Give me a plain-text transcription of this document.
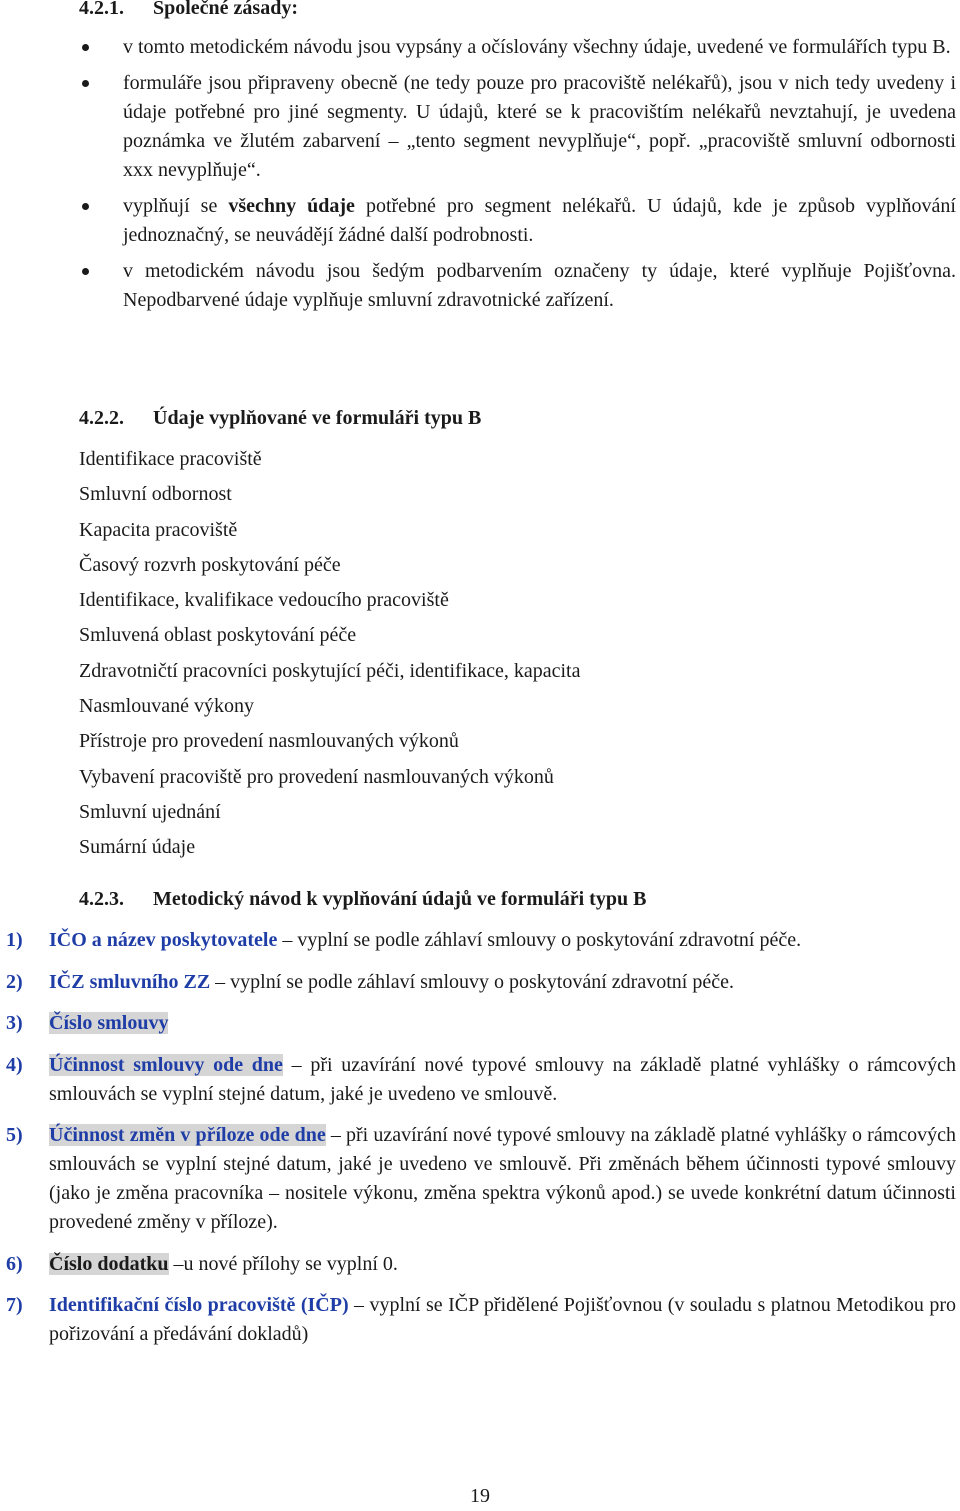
4.2.1. Společné zásady:
v tomto metodickém návodu jsou vypsány a očíslovány všechny údaje, uvedené ve formulářích typu B.
formuláře jsou připraveny obecně (ne tedy pouze pro pracoviště nelékařů), jsou v nich tedy uvedeny i údaje potřebné pro jiné segmenty. U údajů, které se k pracovištím nelékařů nevztahují, je uvedena poznámka ve žlutém zabarvení – „tento segment nevyplňuje“, popř. „pracoviště smluvní odbornosti xxx nevyplňuje“.
vyplňují se všechny údaje potřebné pro segment nelékařů. U údajů, kde je způsob vyplňování jednoznačný, se neuvádějí žádné další podrobnosti.
v metodickém návodu jsou šedým podbarvením označeny ty údaje, které vyplňuje Pojišťovna. Nepodbarvené údaje vyplňuje smluvní zdravotnické zařízení.
4.2.2. Údaje vyplňované ve formuláři typu B
Identifikace pracoviště
Smluvní odbornost
Kapacita pracoviště
Časový rozvrh poskytování péče
Identifikace, kvalifikace vedoucího pracoviště
Smluvená oblast poskytování péče
Zdravotničtí pracovníci poskytující péči, identifikace, kapacita
Nasmlouvané výkony
Přístroje pro provedení nasmlouvaných výkonů
Vybavení pracoviště pro provedení nasmlouvaných výkonů
Smluvní ujednání
Sumární údaje
4.2.3. Metodický návod k vyplňování údajů ve formuláři typu B
1) IČO a název poskytovatele – vyplní se podle záhlaví smlouvy o poskytování zdravotní péče.
2) IČZ smluvního ZZ – vyplní se podle záhlaví smlouvy o poskytování zdravotní péče.
3) Číslo smlouvy
4) Účinnost smlouvy ode dne – při uzavírání nové typové smlouvy na základě platné vyhlášky o rámcových smlouvách se vyplní stejné datum, jaké je uvedeno ve smlouvě.
5) Účinnost změn v příloze ode dne – při uzavírání nové typové smlouvy na základě platné vyhlášky o rámcových smlouvách se vyplní stejné datum, jaké je uvedeno ve smlouvě. Při změnách během účinnosti typové smlouvy (jako je změna pracovníka – nositele výkonu, změna spektra výkonů apod.) se uvede konkrétní datum účinnosti provedené změny v příloze).
6) Číslo dodatku –u nové přílohy se vyplní 0.
7) Identifikační číslo pracoviště (IČP) – vyplní se IČP přidělené Pojišťovnou (v souladu s platnou Metodikou pro pořizování a předávání dokladů)
19
